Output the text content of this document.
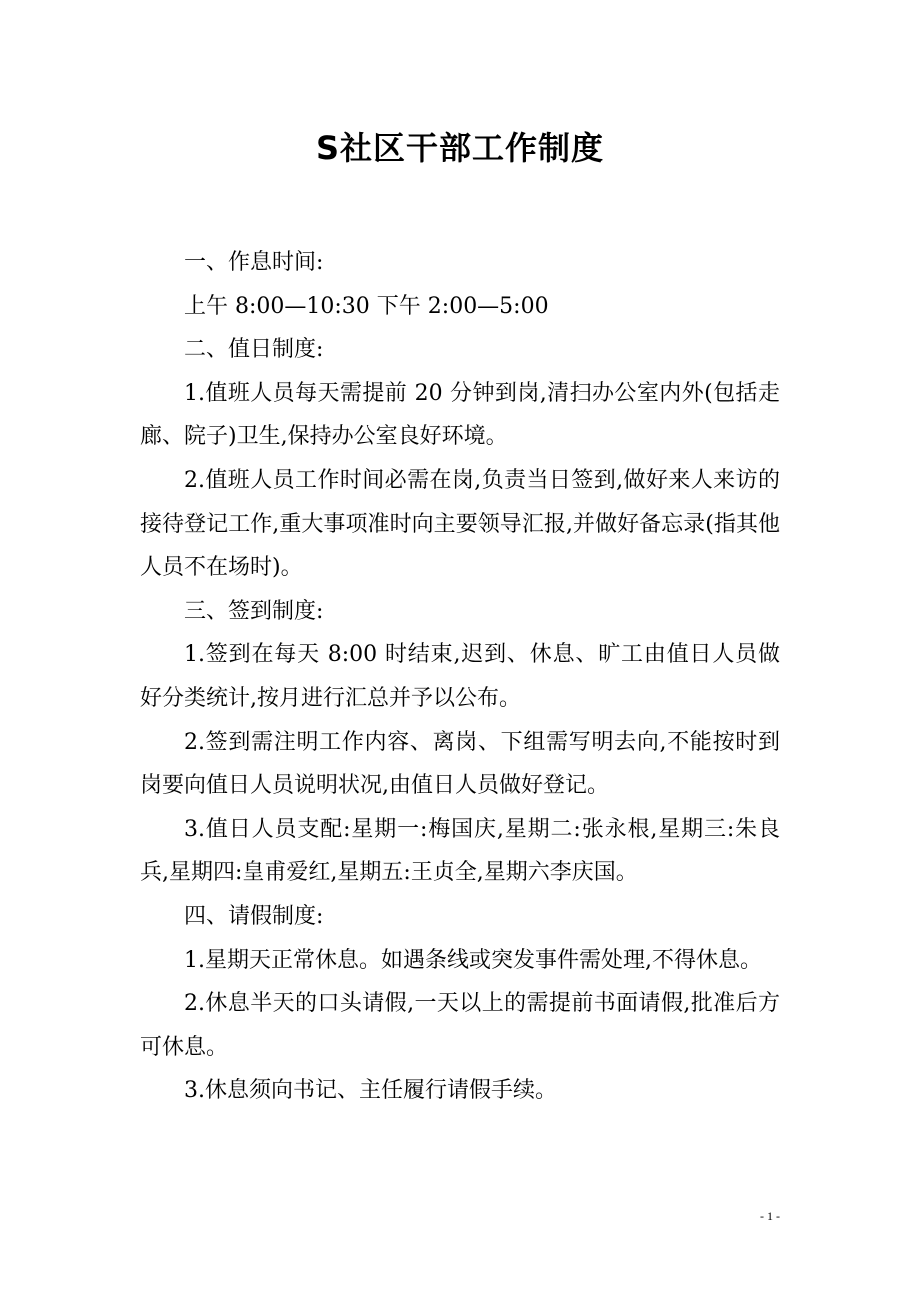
S社区干部工作制度

一、作息时间:

上午 8:00—10:30 下午 2:00—5:00

二、值日制度:

1.值班人员每天需提前 20 分钟到岗,清扫办公室内外(包括走廊、院子)卫生,保持办公室良好环境。

2.值班人员工作时间必需在岗,负责当日签到,做好来人来访的接待登记工作,重大事项准时向主要领导汇报,并做好备忘录(指其他人员不在场时)。

三、签到制度:

1.签到在每天 8:00 时结束,迟到、休息、旷工由值日人员做好分类统计,按月进行汇总并予以公布。

2.签到需注明工作内容、离岗、下组需写明去向,不能按时到岗要向值日人员说明状况,由值日人员做好登记。

3.值日人员支配:星期一:梅国庆,星期二:张永根,星期三:朱良兵,星期四:皇甫爱红,星期五:王贞全,星期六李庆国。

四、请假制度:

1.星期天正常休息。如遇条线或突发事件需处理,不得休息。

2.休息半天的口头请假,一天以上的需提前书面请假,批准后方可休息。

3.休息须向书记、主任履行请假手续。

- 1 -
